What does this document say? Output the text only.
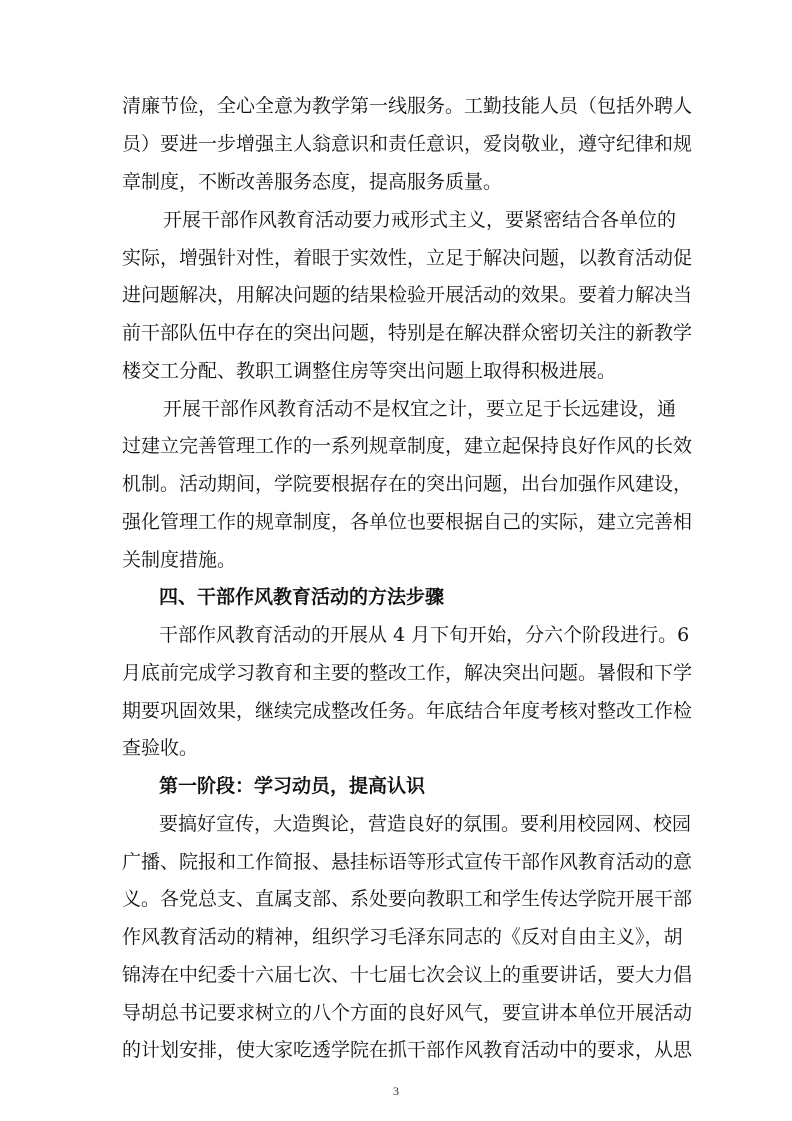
清廉节俭，全心全意为教学第一线服务。工勤技能人员（包括外聘人
员）要进一步增强主人翁意识和责任意识，爱岗敬业，遵守纪律和规
章制度，不断改善服务态度，提高服务质量。
开展干部作风教育活动要力戒形式主义，要紧密结合各单位的
实际，增强针对性，着眼于实效性，立足于解决问题，以教育活动促
进问题解决，用解决问题的结果检验开展活动的效果。要着力解决当
前干部队伍中存在的突出问题，特别是在解决群众密切关注的新教学
楼交工分配、教职工调整住房等突出问题上取得积极进展。
开展干部作风教育活动不是权宜之计，要立足于长远建设，通
过建立完善管理工作的一系列规章制度，建立起保持良好作风的长效
机制。活动期间，学院要根据存在的突出问题，出台加强作风建设，
强化管理工作的规章制度，各单位也要根据自己的实际，建立完善相
关制度措施。
四、干部作风教育活动的方法步骤
干部作风教育活动的开展从 4 月下旬开始，分六个阶段进行。6
月底前完成学习教育和主要的整改工作，解决突出问题。暑假和下学
期要巩固效果，继续完成整改任务。年底结合年度考核对整改工作检
查验收。
第一阶段：学习动员，提高认识
要搞好宣传，大造舆论，营造良好的氛围。要利用校园网、校园
广播、院报和工作简报、悬挂标语等形式宣传干部作风教育活动的意
义。各党总支、直属支部、系处要向教职工和学生传达学院开展干部
作风教育活动的精神，组织学习毛泽东同志的《反对自由主义》，胡
锦涛在中纪委十六届七次、十七届七次会议上的重要讲话，要大力倡
导胡总书记要求树立的八个方面的良好风气，要宣讲本单位开展活动
的计划安排，使大家吃透学院在抓干部作风教育活动中的要求，从思
3
